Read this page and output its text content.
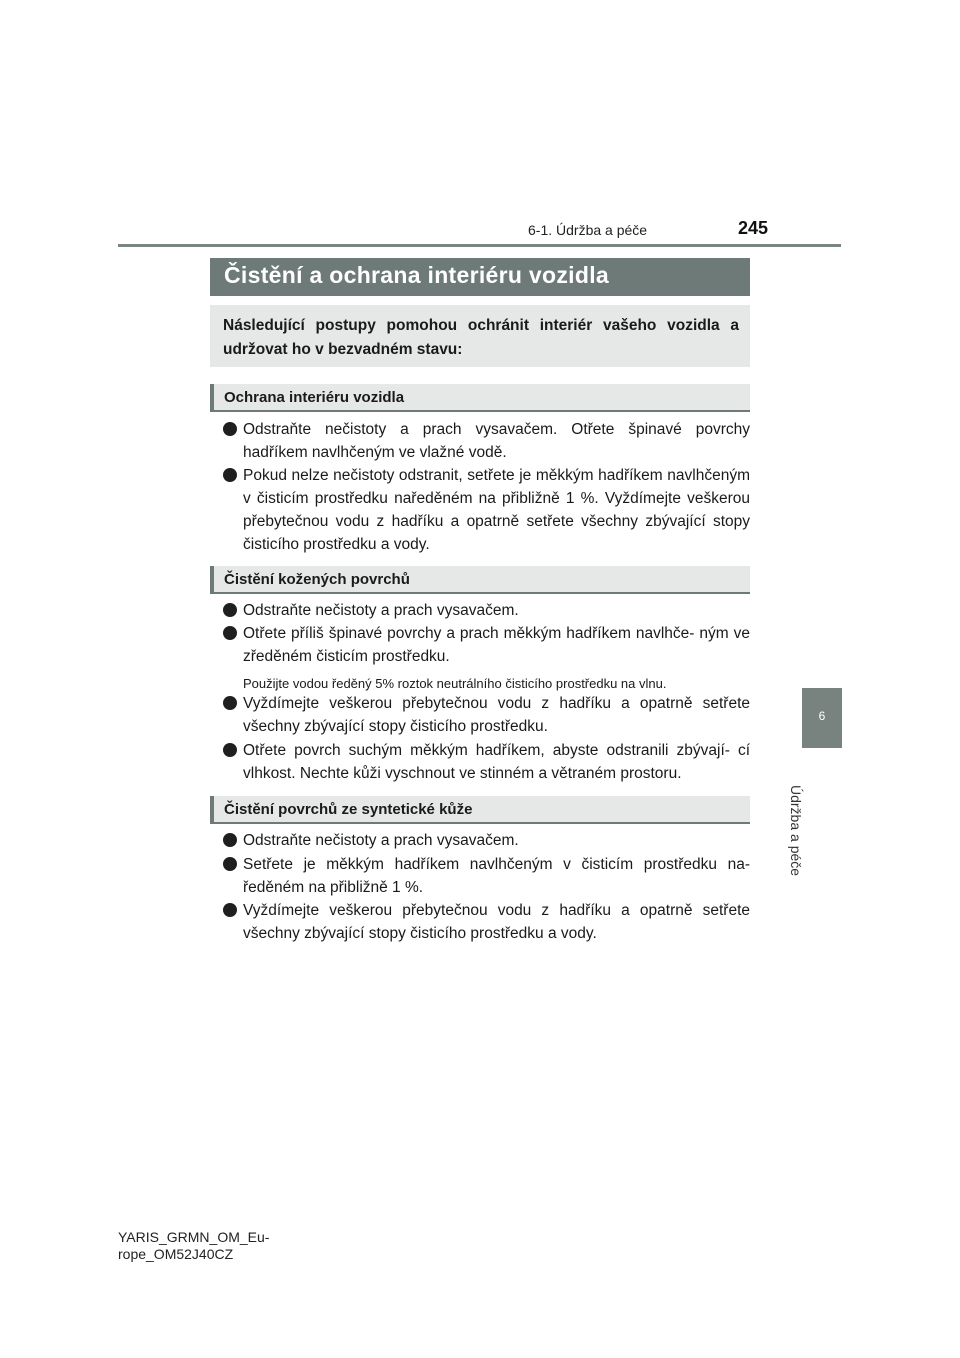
6-1. Údržba a péče	245
6
Údržba a péče
Čistění a ochrana interiéru vozidla
Následující postupy pomohou ochránit interiér vašeho vozidla a udržovat ho v bezvadném stavu:
Ochrana interiéru vozidla
Odstraňte nečistoty a prach vysavačem. Otřete špinavé povrchy hadříkem navlhčeným ve vlažné vodě.
Pokud nelze nečistoty odstranit, setřete je měkkým hadříkem navlhčeným v čisticím prostředku naředěném na přibližně 1 %. Vyždímejte veškerou přebytečnou vodu z hadříku a opatrně setřete všechny zbývající stopy čisticího prostředku a vody.
Čistění kožených povrchů
Odstraňte nečistoty a prach vysavačem.
Otřete příliš špinavé povrchy a prach měkkým hadříkem navlhče- ným ve zředěném čisticím prostředku.
Použijte vodou ředěný 5% roztok neutrálního čisticího prostředku na vlnu.
Vyždímejte veškerou přebytečnou vodu z hadříku a opatrně setřete všechny zbývající stopy čisticího prostředku.
Otřete povrch suchým měkkým hadříkem, abyste odstranili zbývají- cí vlhkost. Nechte kůži vyschnout ve stinném a větraném prostoru.
Čistění povrchů ze syntetické kůže
Odstraňte nečistoty a prach vysavačem.
Setřete je měkkým hadříkem navlhčeným v čisticím prostředku na- ředěném na přibližně 1 %.
Vyždímejte veškerou přebytečnou vodu z hadříku a opatrně setřete všechny zbývající stopy čisticího prostředku a vody.
YARIS_GRMN_OM_Eu-
rope_OM52J40CZ
